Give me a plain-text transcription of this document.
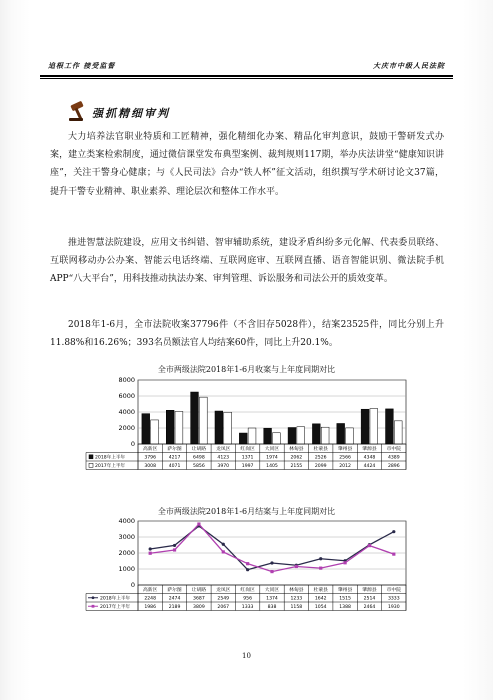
追根工作 接受监督	大庆市中级人民法院
强抓精细审判
大力培养法官职业特质和工匠精神，强化精细化办案、精品化审判意识，鼓励干警研发式办案，建立类案检索制度，通过微信课堂发布典型案例、裁判规则117期，举办庆法讲堂“健康知识讲座”，关注干警身心健康；与《人民司法》合办“铁人杯”征文活动，组织撰写学术研讨论文37篇，提升干警专业精神、职业素养、理论层次和整体工作水平。
推进智慧法院建设，应用文书纠错、智审辅助系统，建设矛盾纠纷多元化解、代表委员联络、互联网移动办公办案、智能云电话终端、互联网庭审、互联网直播、语音智能识别、微法院手机APP“八大平台”，用科技推动执法办案、审判管理、诉讼服务和司法公开的质效变革。
2018年1-6月，全市法院收案37796件（不含旧存5028件），结案23525件，同比分别上升11.88%和16.26%；393名员额法官人均结案60件，同比上升20.1%。
全市两级法院2018年1-6月收案与上年度同期对比
0
2000
4000
6000
8000
高新区 萨尔图 让胡路 龙凤区 红岗区 大同区 林甸县 杜蒙县 肇州县 肇源县 市中院
2018年上半年	3796	4217	6498	4123	1371	1974	2062	2526	2566	4348	4389
2017年上半年	3008	4071	5856	3970	1997	1405	2155	2099	2012	4424	2896
全市两级法院2018年1-6月结案与上年度同期对比
0
1000
2000
3000
4000
高新区 萨尔图 让胡路 龙凤区 红岗区 大同区 林甸县 杜蒙县 肇州县 肇源县 市中院
2018年上半年	2248	2474	3687	2549	956	1374	1233	1642	1515	2514	3333
2017年上半年	1986	2189	3809	2067	1333	838	1158	1054	1388	2464	1930
10
